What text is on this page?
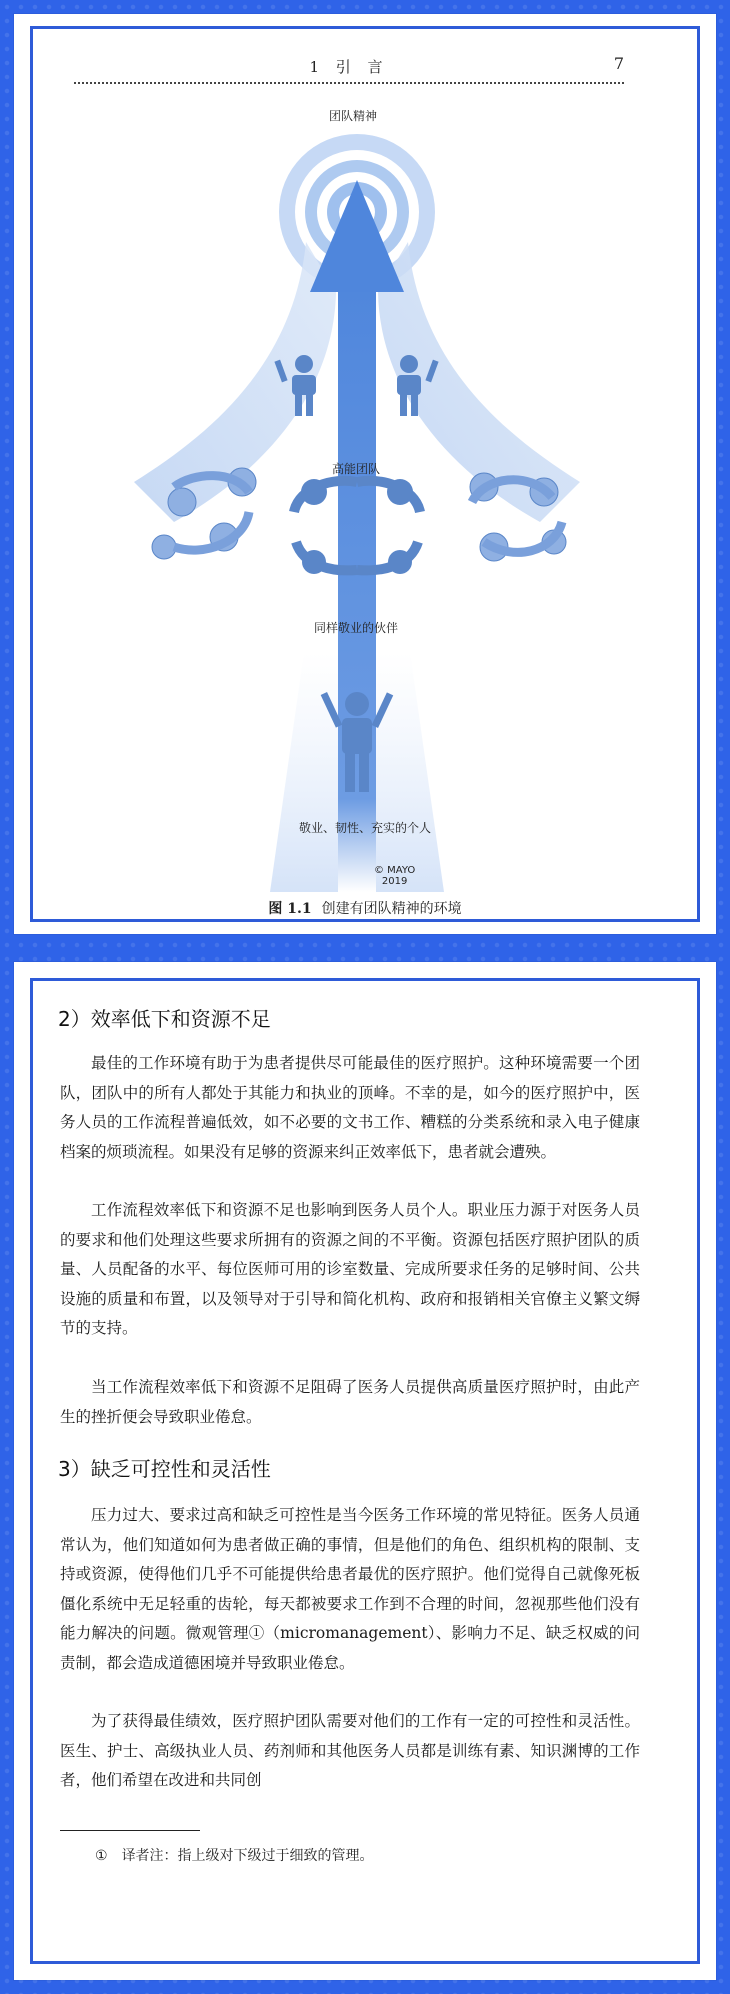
1 引 言	7
团队精神
高能团队
同样敬业的伙伴
敬业、韧性、充实的个人
© MAYO
2019
图 1.1 创建有团队精神的环境
2）效率低下和资源不足

最佳的工作环境有助于为患者提供尽可能最佳的医疗照护。这种环境需要一个团队，团队中的所有人都处于其能力和执业的顶峰。不幸的是，如今的医疗照护中，医务人员的工作流程普遍低效，如不必要的文书工作、糟糕的分类系统和录入电子健康档案的烦琐流程。如果没有足够的资源来纠正效率低下，患者就会遭殃。

工作流程效率低下和资源不足也影响到医务人员个人。职业压力源于对医务人员的要求和他们处理这些要求所拥有的资源之间的不平衡。资源包括医疗照护团队的质量、人员配备的水平、每位医师可用的诊室数量、完成所要求任务的足够时间、公共设施的质量和布置，以及领导对于引导和简化机构、政府和报销相关官僚主义繁文缛节的支持。

当工作流程效率低下和资源不足阻碍了医务人员提供高质量医疗照护时，由此产生的挫折便会导致职业倦怠。

3）缺乏可控性和灵活性

压力过大、要求过高和缺乏可控性是当今医务工作环境的常见特征。医务人员通常认为，他们知道如何为患者做正确的事情，但是他们的角色、组织机构的限制、支持或资源，使得他们几乎不可能提供给患者最优的医疗照护。他们觉得自己就像死板僵化系统中无足轻重的齿轮，每天都被要求工作到不合理的时间，忽视那些他们没有能力解决的问题。微观管理①（micromanagement）、影响力不足、缺乏权威的问责制，都会造成道德困境并导致职业倦怠。

为了获得最佳绩效，医疗照护团队需要对他们的工作有一定的可控性和灵活性。医生、护士、高级执业人员、药剂师和其他医务人员都是训练有素、知识渊博的工作者，他们希望在改进和共同创

① 译者注：指上级对下级过于细致的管理。
